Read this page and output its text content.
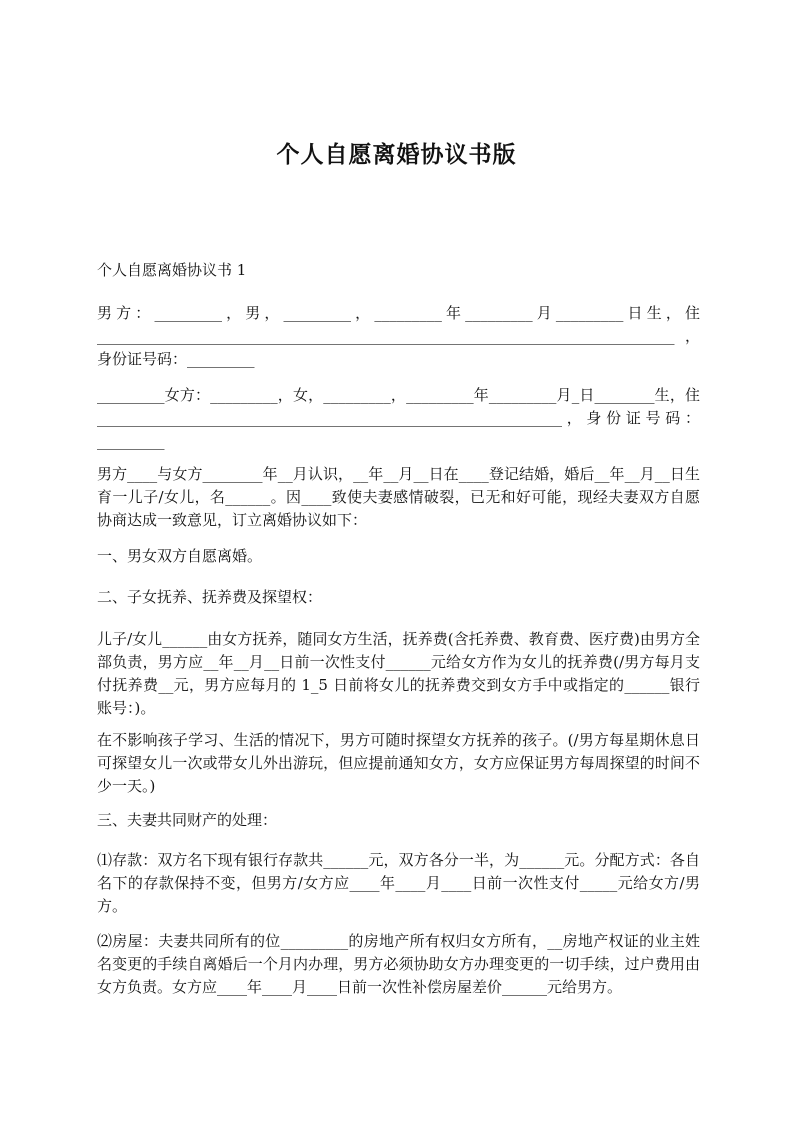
个人自愿离婚协议书版

个人自愿离婚协议书 1

男方：_________，男，_________，_________年_________月_________日生，住_____________________________________________________________________________，身份证号码：_________

_________女方：_________，女，_________，_________年_________月_日________生，住______________________________________________________________，身份证号码：_________

男方____与女方________年__月认识，__年__月__日在____登记结婚，婚后__年__月__日生育一儿子/女儿，名______。因____致使夫妻感情破裂，已无和好可能，现经夫妻双方自愿协商达成一致意见，订立离婚协议如下：

一、男女双方自愿离婚。

二、子女抚养、抚养费及探望权：

儿子/女儿______由女方抚养，随同女方生活，抚养费(含托养费、教育费、医疗费)由男方全部负责，男方应__年__月__日前一次性支付______元给女方作为女儿的抚养费(/男方每月支付抚养费__元，男方应每月的 1_5 日前将女儿的抚养费交到女方手中或指定的______银行账号：)。

在不影响孩子学习、生活的情况下，男方可随时探望女方抚养的孩子。(/男方每星期休息日可探望女儿一次或带女儿外出游玩，但应提前通知女方，女方应保证男方每周探望的时间不少一天。)

三、夫妻共同财产的处理：

⑴存款：双方名下现有银行存款共______元，双方各分一半，为______元。分配方式：各自名下的存款保持不变，但男方/女方应____年____月____日前一次性支付_____元给女方/男方。

⑵房屋：夫妻共同所有的位_________的房地产所有权归女方所有，__房地产权证的业主姓名变更的手续自离婚后一个月内办理，男方必须协助女方办理变更的一切手续，过户费用由女方负责。女方应____年____月____日前一次性补偿房屋差价______元给男方。
